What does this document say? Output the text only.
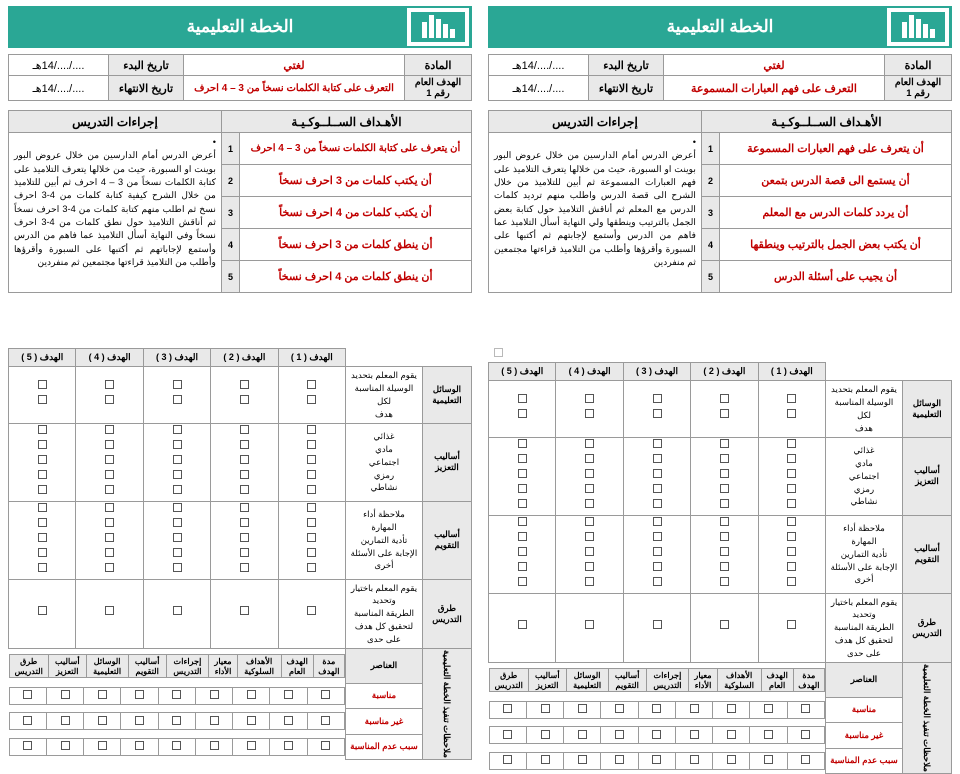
الخطة التعليمية
المادة	لغتي	تاريخ البدء	..../..../14هـ
الهدف العام رقم 1	التعرف على فهم العبارات المسموعة	تاريخ الانتهاء	..../..../14هـ
الأهـداف الســلــوكـيـة		إجراءات التدريس
أن يتعرف على فهم العبارات المسموعة	1	•
أعرض الدرس أمام الدارسين من خلال عروض البور بوينت او السبورة، حيث من خلالها يتعرف التلاميذ على فهم العبارات المسموعة ثم أبين للتلاميذ من خلال الشرح الى قصة الدرس واطلب منهم ترديد كلمات الدرس مع المعلم ثم أناقش التلاميذ حول كتابة بعض الجمل بالترتيب وينطقها ولي النهاية أسأل التلاميذ عما فاهم من الدرس وأستمع لإجابتهم ثم أكتبها على السبورة وأقرؤها وأطلب من التلاميذ قراءتها مجتمعين ثم منفردين
أن يستمع الى قصة الدرس بتمعن	2	
أن يردد كلمات الدرس مع المعلم	3	
أن يكتب بعض الجمل بالترتيب وينطقها	4	
أن يجيب على أسئلة الدرس	5	
		الهدف ( 1 )	الهدف ( 2 )	الهدف ( 3 )	الهدف ( 4 )	الهدف ( 5 )
الوسائل التعليمية	يقوم المعلم بتحديد
الوسيلة المناسبة لكل
هدف	

أساليب التعزيز	غذائي
مادي
اجتماعي
رمزي
نشاطي	

أساليب التقويم	ملاحظة أداء
المهارة
تأدية التمارين
الإجابة على الأسئلة
أخرى	

طرق التدريس	يقوم المعلم باختيار وتحديد
الطريقة المناسبة
لتحقيق كل هدف على حدى	

ملاحظات تنفيذ الخطة التعليمية	العناصر	
مدة الهدف	الهدف العام	الأهداف السلوكية	معيار الأداء	إجراءات التدريس	أساليب التقويم	الوسائل التعليمية	أساليب التعزيز	طرق التدريس

مناسبة	

غير مناسبة	

سبب عدم المناسبة	

الخطة التعليمية
المادة	لغتي	تاريخ البدء	..../..../14هـ
الهدف العام رقم 1	التعرف على كتابة الكلمات نسخاً من 3 – 4 احرف	تاريخ الانتهاء	..../..../14هـ
الأهـداف الســلــوكـيـة		إجراءات التدريس
أن يتعرف على كتابة الكلمات نسخاً من 3 – 4 احرف	1	•
أعرض الدرس أمام الدارسين من خلال عروض البور بوينت او السبورة، حيث من خلالها يتعرف التلاميذ على كتابة الكلمات نسخاً من 3 – 4 احرف ثم أبين للتلاميذ من خلال الشرح كيفية كتابة كلمات من 4-3 احرف نسخ ثم اطلب منهم كتابة كلمات من 4-3 احرف نسخاً ثم أناقش التلاميذ حول نطق كلمات من 4-3 احرف نسخاً وفي النهاية أسأل التلاميذ عما فاهم من الدرس وأستمع لإجاباتهم ثم أكتبها على السبورة وأقرؤها وأطلب من التلاميذ قراءتها مجتمعين ثم منفردين
أن يكتب كلمات من 3 احرف نسخاً	2	
أن يكتب كلمات من 4 احرف نسخاً	3	
أن ينطق كلمات من 3 احرف نسخاً	4	
أن ينطق كلمات من 4 احرف نسخاً	5	
		الهدف ( 1 )	الهدف ( 2 )	الهدف ( 3 )	الهدف ( 4 )	الهدف ( 5 )
الوسائل التعليمية	يقوم المعلم بتحديد
الوسيلة المناسبة لكل
هدف	

أساليب التعزيز	غذائي
مادي
اجتماعي
رمزي
نشاطي	

أساليب التقويم	ملاحظة أداء
المهارة
تأدية التمارين
الإجابة على الأسئلة
أخرى	

طرق التدريس	يقوم المعلم باختيار وتحديد
الطريقة المناسبة
لتحقيق كل هدف على حدى	

ملاحظات تنفيذ الخطة التعليمية	العناصر	
مدة الهدف	الهدف العام	الأهداف السلوكية	معيار الأداء	إجراءات التدريس	أساليب التقويم	الوسائل التعليمية	أساليب التعزيز	طرق التدريس

مناسبة	

غير مناسبة	

سبب عدم المناسبة	
